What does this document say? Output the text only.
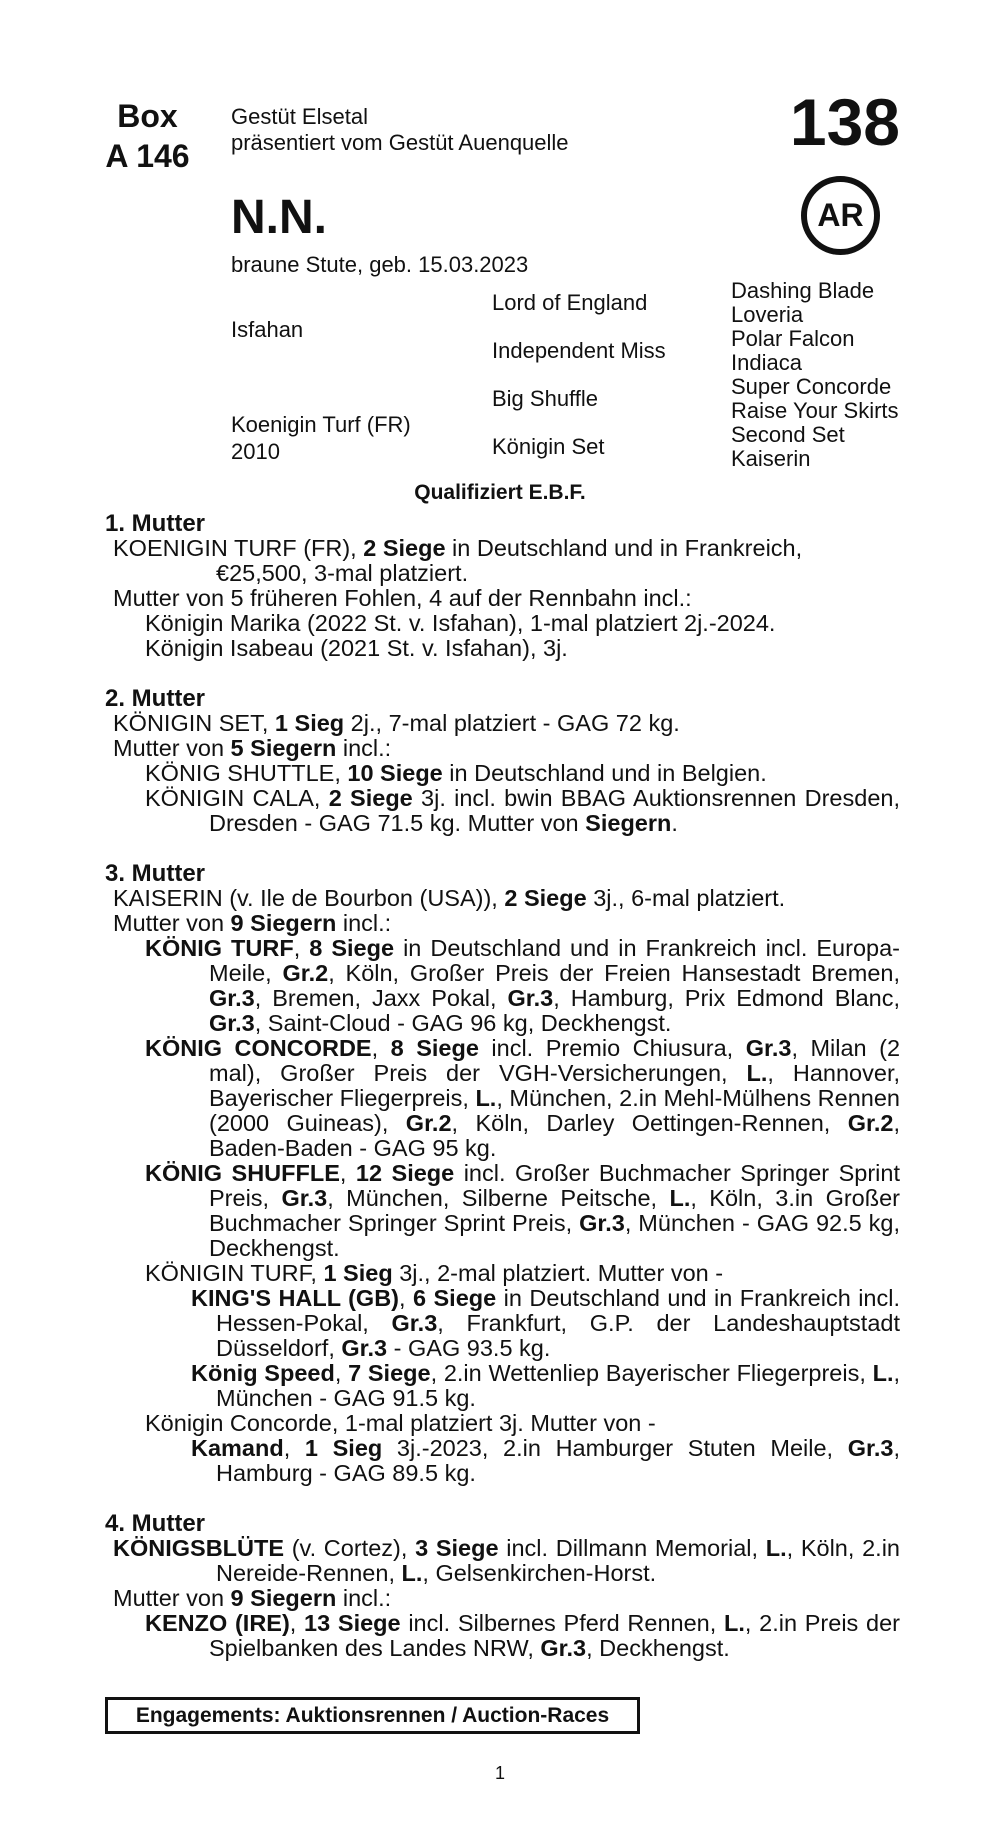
Box
A 146
Gestüt Elsetal
präsentiert vom Gestüt Auenquelle	138
AR
N.N.
braune Stute, geb. 15.03.2023
Isfahan
Koenigin Turf (FR)
2010
Lord of England
Independent Miss
Big Shuffle
Königin Set
Dashing Blade
Loveria
Polar Falcon
Indiaca
Super Concorde
Raise Your Skirts
Second Set
Kaiserin
Qualifiziert E.B.F.

1. Mutter

KOENIGIN TURF (FR), 2 Siege in Deutschland und in Frankreich,

€25,500, 3-mal platziert.

Mutter von 5 früheren Fohlen, 4 auf der Rennbahn incl.:

Königin Marika (2022 St. v. Isfahan), 1-mal platziert 2j.-2024.

Königin Isabeau (2021 St. v. Isfahan), 3j.

2. Mutter

KÖNIGIN SET, 1 Sieg 2j., 7-mal platziert - GAG 72 kg.

Mutter von 5 Siegern incl.:

KÖNIG SHUTTLE, 10 Siege in Deutschland und in Belgien.

KÖNIGIN CALA, 2 Siege 3j. incl. bwin BBAG Auktionsrennen Dresden, Dresden - GAG 71.5 kg. Mutter von Siegern.

3. Mutter

KAISERIN (v. Ile de Bourbon (USA)), 2 Siege 3j., 6-mal platziert.

Mutter von 9 Siegern incl.:

KÖNIG TURF, 8 Siege in Deutschland und in Frankreich incl. Europa-Meile, Gr.2, Köln, Großer Preis der Freien Hansestadt Bremen, Gr.3, Bremen, Jaxx Pokal, Gr.3, Hamburg, Prix Edmond Blanc, Gr.3, Saint-Cloud - GAG 96 kg, Deckhengst.

KÖNIG CONCORDE, 8 Siege incl. Premio Chiusura, Gr.3, Milan (2 mal), Großer Preis der VGH-Versicherungen, L., Hannover, Bayerischer Fliegerpreis, L., München, 2.in Mehl-Mülhens Rennen (2000 Guineas), Gr.2, Köln, Darley Oettingen-Rennen, Gr.2, Baden-Baden - GAG 95 kg.

KÖNIG SHUFFLE, 12 Siege incl. Großer Buchmacher Springer Sprint Preis, Gr.3, München, Silberne Peitsche, L., Köln, 3.in Großer Buchmacher Springer Sprint Preis, Gr.3, München - GAG 92.5 kg, Deckhengst.

KÖNIGIN TURF, 1 Sieg 3j., 2-mal platziert. Mutter von -

KING'S HALL (GB), 6 Siege in Deutschland und in Frankreich incl. Hessen-Pokal, Gr.3, Frankfurt, G.P. der Landeshauptstadt Düsseldorf, Gr.3 - GAG 93.5 kg.

König Speed, 7 Siege, 2.in Wettenliep Bayerischer Fliegerpreis, L., München - GAG 91.5 kg.

Königin Concorde, 1-mal platziert 3j. Mutter von -

Kamand, 1 Sieg 3j.-2023, 2.in Hamburger Stuten Meile, Gr.3, Hamburg - GAG 89.5 kg.

4. Mutter

KÖNIGSBLÜTE (v. Cortez), 3 Siege incl. Dillmann Memorial, L., Köln, 2.in Nereide-Rennen, L., Gelsenkirchen-Horst.

Mutter von 9 Siegern incl.:

KENZO (IRE), 13 Siege incl. Silbernes Pferd Rennen, L., 2.in Preis der Spielbanken des Landes NRW, Gr.3, Deckhengst.

Engagements: Auktionsrennen / Auction-Races
1
